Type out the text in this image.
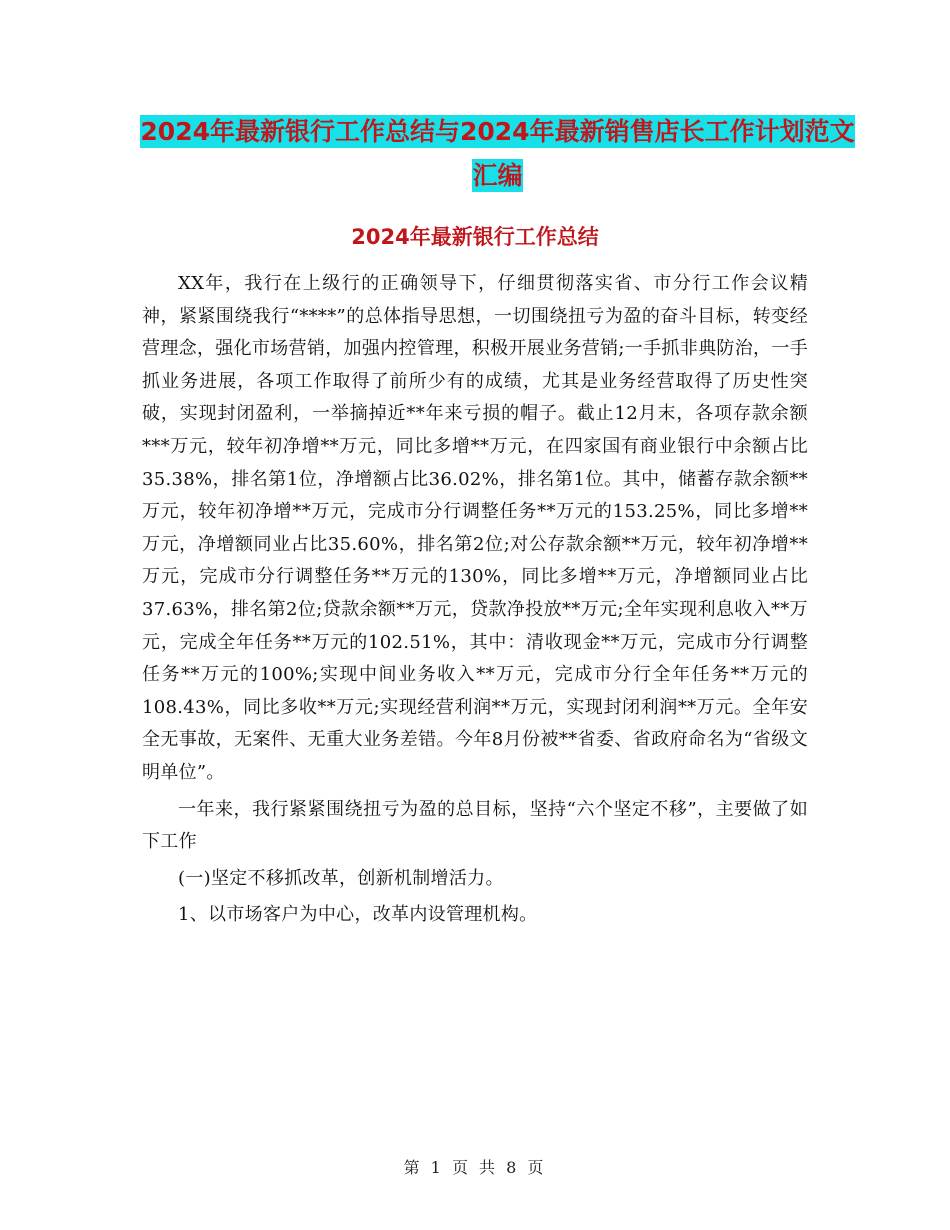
2024年最新银行工作总结与2024年最新销售店长工作计划范文汇编
2024年最新银行工作总结

XX年，我行在上级行的正确领导下，仔细贯彻落实省、市分行工作会议精神，紧紧围绕我行“****”的总体指导思想，一切围绕扭亏为盈的奋斗目标，转变经营理念，强化市场营销，加强内控管理，积极开展业务营销;一手抓非典防治，一手抓业务进展，各项工作取得了前所少有的成绩，尤其是业务经营取得了历史性突破，实现封闭盈利，一举摘掉近**年来亏损的帽子。截止12月末，各项存款余额***万元，较年初净增**万元，同比多增**万元，在四家国有商业银行中余额占比35.38%，排名第1位，净增额占比36.02%，排名第1位。其中，储蓄存款余额**万元，较年初净增**万元，完成市分行调整任务**万元的153.25%，同比多增**万元，净增额同业占比35.60%，排名第2位;对公存款余额**万元，较年初净增**万元，完成市分行调整任务**万元的130%，同比多增**万元，净增额同业占比37.63%，排名第2位;贷款余额**万元，贷款净投放**万元;全年实现利息收入**万元，完成全年任务**万元的102.51%，其中：清收现金**万元，完成市分行调整任务**万元的100%;实现中间业务收入**万元，完成市分行全年任务**万元的108.43%，同比多收**万元;实现经营利润**万元，实现封闭利润**万元。全年安全无事故，无案件、无重大业务差错。今年8月份被**省委、省政府命名为“省级文明单位”。

一年来，我行紧紧围绕扭亏为盈的总目标，坚持“六个坚定不移”，主要做了如下工作

(一)坚定不移抓改革，创新机制增活力。

1、以市场客户为中心，改革内设管理机构。

第 1 页 共 8 页
